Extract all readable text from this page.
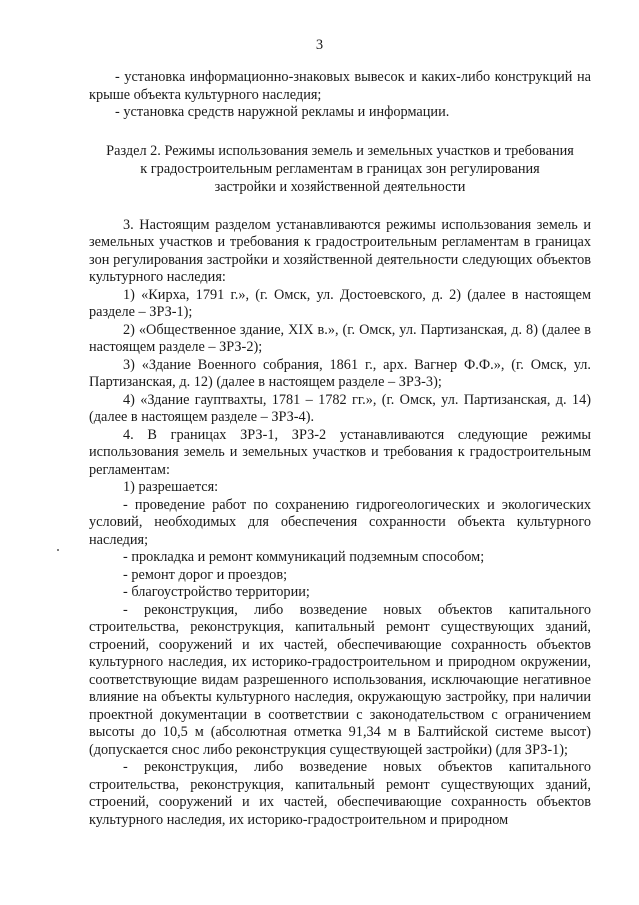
3

- установка информационно-знаковых вывесок и каких-либо конструкций на крыше объекта культурного наследия;

- установка средств наружной рекламы и информации.

Раздел 2. Режимы использования земель и земельных участков и требования
к градостроительным регламентам в границах зон регулирования
застройки и хозяйственной деятельности

3. Настоящим разделом устанавливаются режимы использования земель и земельных участков и требования к градостроительным регламентам в границах зон регулирования застройки и хозяйственной деятельности следующих объектов культурного наследия:

1) «Кирха, 1791 г.», (г. Омск, ул. Достоевского, д. 2) (далее в настоящем разделе – ЗРЗ-1);

2) «Общественное здание, XIX в.», (г. Омск, ул. Партизанская, д. 8) (далее в настоящем разделе – ЗРЗ-2);

3) «Здание Военного собрания, 1861 г., арх. Вагнер Ф.Ф.», (г. Омск, ул. Партизанская, д. 12) (далее в настоящем разделе – ЗРЗ-3);

4) «Здание гауптвахты, 1781 – 1782 гг.», (г. Омск, ул. Партизанская, д. 14) (далее в настоящем разделе – ЗРЗ-4).

4. В границах ЗРЗ-1, ЗРЗ-2 устанавливаются следующие режимы использования земель и земельных участков и требования к градостроительным регламентам:

1) разрешается:

- проведение работ по сохранению гидрогеологических и экологических условий, необходимых для обеспечения сохранности объекта культурного наследия;

- прокладка и ремонт коммуникаций подземным способом;

- ремонт дорог и проездов;

- благоустройство территории;

- реконструкция, либо возведение новых объектов капитального строительства, реконструкция, капитальный ремонт существующих зданий, строений, сооружений и их частей, обеспечивающие сохранность объектов культурного наследия, их историко-градостроительном и природном окружении, соответствующие видам разрешенного использования, исключающие негативное влияние на объекты культурного наследия, окружающую застройку, при наличии проектной документации в соответствии с законодательством с ограничением высоты до 10,5 м (абсолютная отметка 91,34 м в Балтийской системе высот) (допускается снос либо реконструкция существующей застройки) (для ЗРЗ-1);

- реконструкция, либо возведение новых объектов капитального строительства, реконструкция, капитальный ремонт существующих зданий, строений, сооружений и их частей, обеспечивающие сохранность объектов культурного наследия, их историко-градостроительном и природном
